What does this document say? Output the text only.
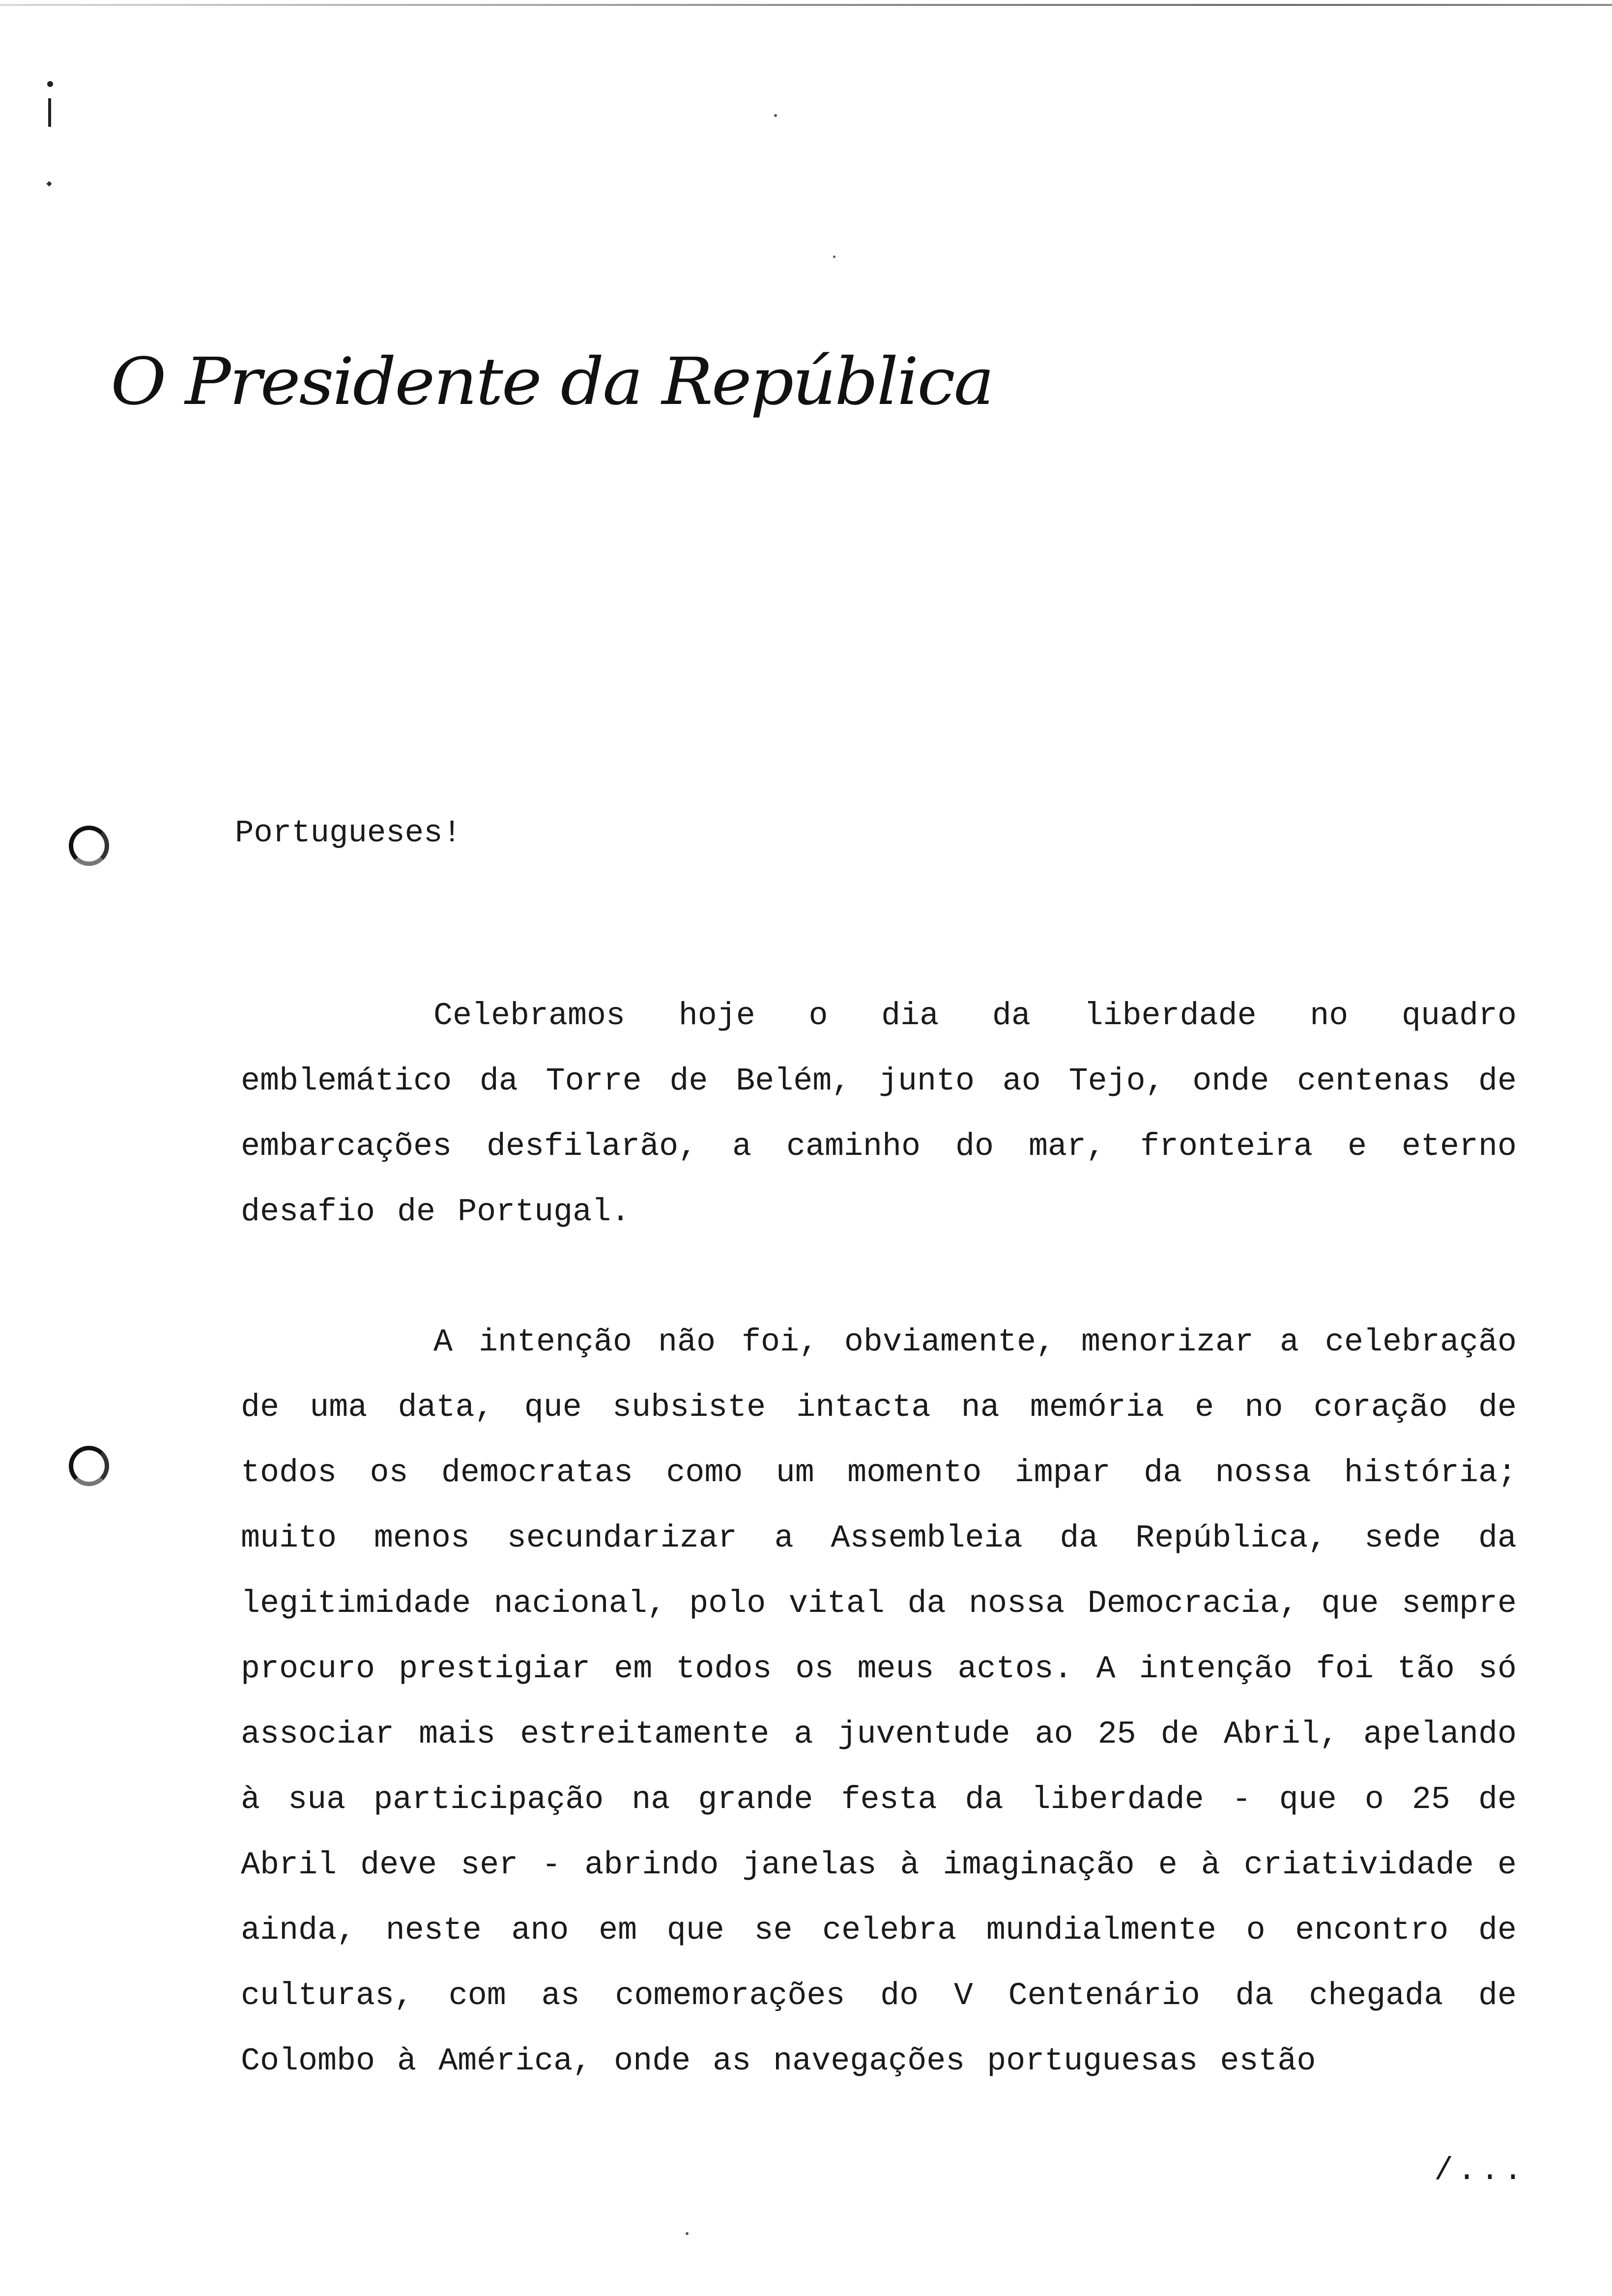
O Presidente da República
Portugueses!

Celebramos hoje o dia da liberdade no quadro emblemático da Torre de Belém, junto ao Tejo, onde centenas de embarcações desfilarão, a caminho do mar, fronteira e eterno desafio de Portugal.

A intenção não foi, obviamente, menorizar a celebração de uma data, que subsiste intacta na memória e no coração de todos os democratas como um momento impar da nossa história; muito menos secundarizar a Assembleia da República, sede da legitimidade nacional, polo vital da nossa Democracia, que sempre procuro prestigiar em todos os meus actos. A intenção foi tão só associar mais estreitamente a juventude ao 25 de Abril, apelando à sua participação na grande festa da liberdade - que o 25 de Abril deve ser - abrindo janelas à imaginação e à criatividade e ainda, neste ano em que se celebra mundialmente o encontro de culturas, com as comemorações do V Centenário da chegada de Colombo à América, onde as navegações portuguesas estão

/...
